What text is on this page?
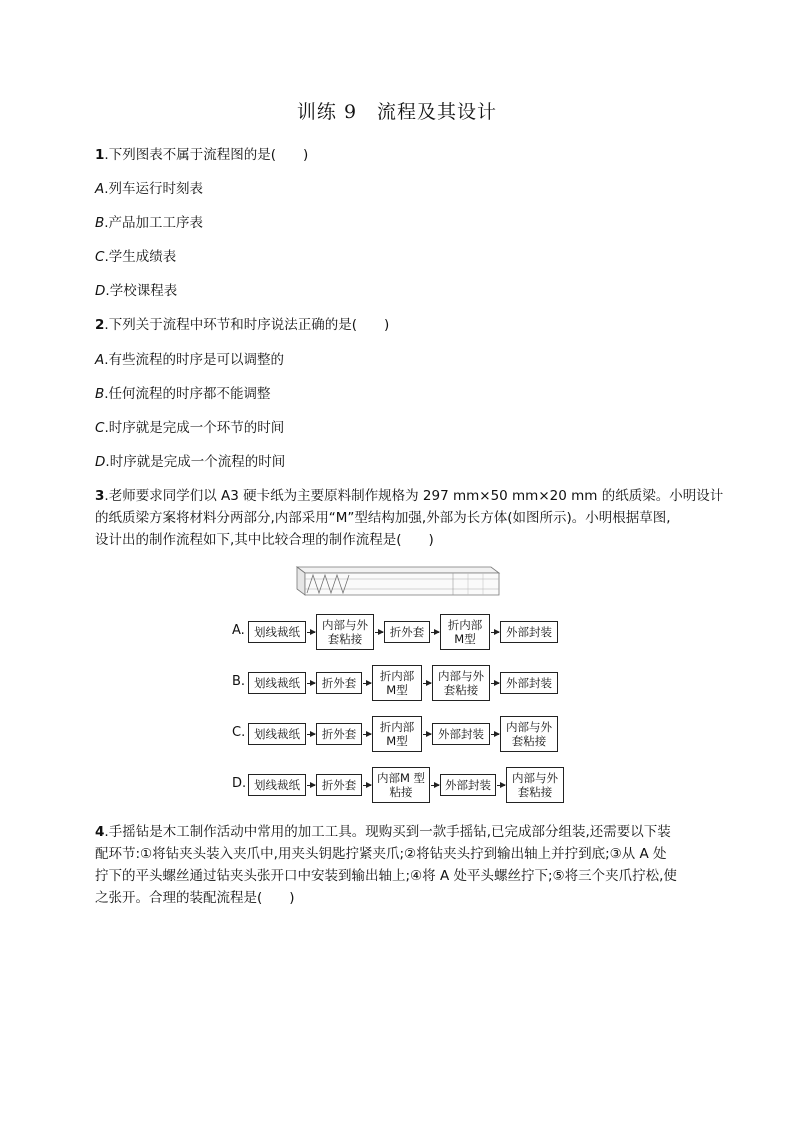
训练 9　流程及其设计
1.下列图表不属于流程图的是(　　)
A.列车运行时刻表
B.产品加工工序表
C.学生成绩表
D.学校课程表
2.下列关于流程中环节和时序说法正确的是(　　)
A.有些流程的时序是可以调整的
B.任何流程的时序都不能调整
C.时序就是完成一个环节的时间
D.时序就是完成一个流程的时间
3.老师要求同学们以 A3 硬卡纸为主要原料制作规格为 297 mm×50 mm×20 mm 的纸质梁。小明设计
的纸质梁方案将材料分两部分,内部采用“M”型结构加强,外部为长方体(如图所示)。小明根据草图,
设计出的制作流程如下,其中比较合理的制作流程是(　　)
A. 划线裁纸	内部与外 套粘接	折外套	折内部 M型	外部封装
B. 划线裁纸	折外套	折内部 M型
内部与外 套粘接	外部封装
C. 划线裁纸	折外套	折内部 M型	外部封装	内部与外 套粘接
D. 划线裁纸	折外套	内部M 型粘接	外部封装	内部与外 套粘接
4.手摇钻是木工制作活动中常用的加工工具。现购买到一款手摇钻,已完成部分组装,还需要以下装
配环节:①将钻夹头装入夹爪中,用夹头钥匙拧紧夹爪;②将钻夹头拧到输出轴上并拧到底;③从 A 处
拧下的平头螺丝通过钻夹头张开口中安装到输出轴上;④将 A 处平头螺丝拧下;⑤将三个夹爪拧松,使
之张开。合理的装配流程是(　　)
